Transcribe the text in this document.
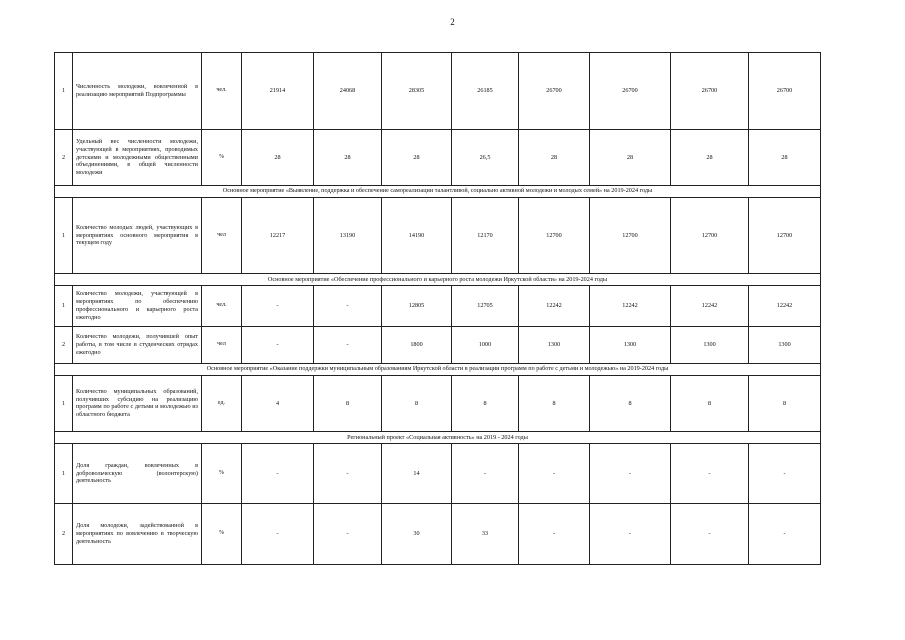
2
1	Численность молодежи, вовлеченной в реализацию мероприятий Подпрограммы	чел.	21914	24068	28305	26185	26700	26700	26700	26700
2	Удельный вес численности молодежи, участвующей в мероприятиях, проводимых детскими и молодежными общественными объединениями, в общей численности молодежи	%	28	28	28	26,5	28	28	28	28
Основное мероприятие «Выявление, поддержка и обеспечение самореализации талантливой, социально активной молодежи и молодых семей» на 2019-2024 годы										
1	Количество молодых людей, участвующих в мероприятиях основного мероприятия в текущем году	чел	12217	13190	14190	12170	12700	12700	12700	12700
Основное мероприятие «Обеспечение профессионального и карьерного роста молодежи Иркутской области» на 2019-2024 годы										
1	Количество молодежи, участвующей в мероприятиях по обеспечению профессионального и карьерного роста ежегодно	чел.	-	-	12805	12705	12242	12242	12242	12242
2	Количество молодежи, получившей опыт работы, в том числе в студенческих отрядах ежегодно	чел	-	-	1800	1000	1300	1300	1300	1300
Основное мероприятие «Оказание поддержки муниципальным образованиям Иркутской области в реализации программ по работе с детьми и молодежью» на 2019-2024 годы										
1	Количество муниципальных образований, получивших субсидию на реализацию программ по работе с детьми и молодежью из областного бюджета	ед.	4	8	8	8	8	8	8	8
Региональный проект «Социальная активность» на 2019 - 2024 годы										
1	Доля граждан, вовлеченных в добровольческую (волонтерскую) деятельность	%	-	-	14	-	-	-	-	-
2	Доля молодежи, задействованной в мероприятиях по вовлечению в творческую деятельность	%	-	-	30	33	-	-	-	-
